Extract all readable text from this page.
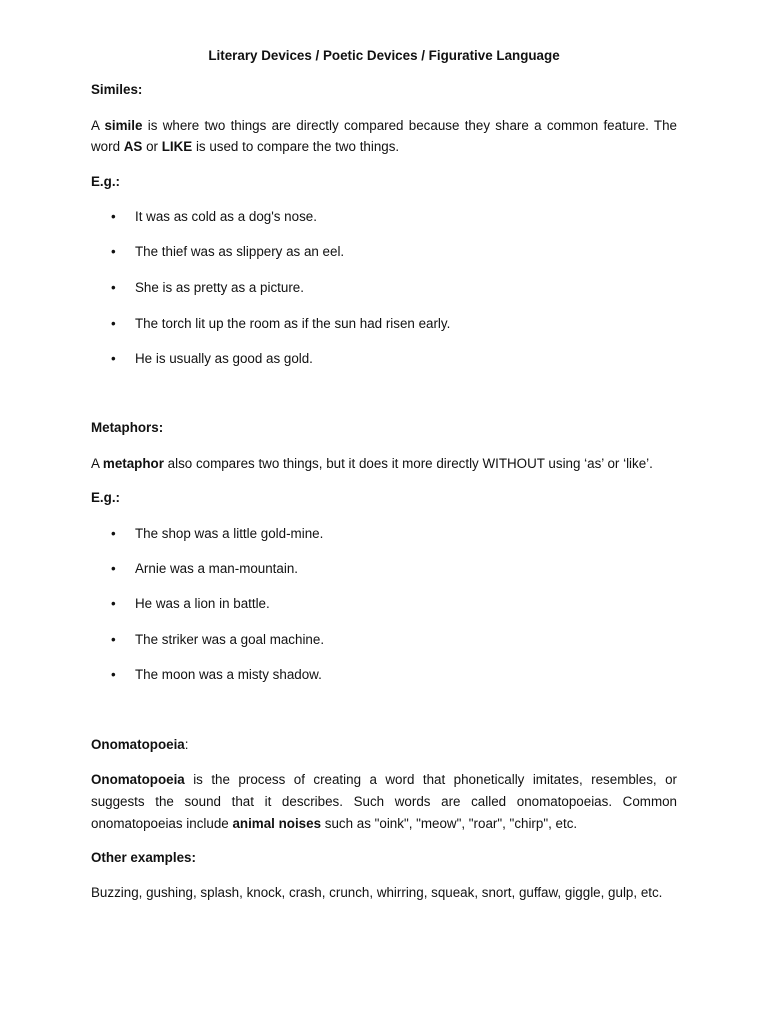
Literary Devices / Poetic Devices / Figurative Language
Similes:
A simile is where two things are directly compared because they share a common feature. The
word AS or LIKE is used to compare the two things.
E.g.:
•	It was as cold as a dog's nose.
•	The thief was as slippery as an eel.
•	She is as pretty as a picture.
•	The torch lit up the room as if the sun had risen early.
•	He is usually as good as gold.
Metaphors:
A metaphor also compares two things, but it does it more directly WITHOUT using ‘as’ or ‘like’.
E.g.:
•	The shop was a little gold-mine.
•	Arnie was a man-mountain.
•	He was a lion in battle.
•	The striker was a goal machine.
•	The moon was a misty shadow.
Onomatopoeia:
Onomatopoeia is the process of creating a word that phonetically imitates, resembles, or
suggests the sound that it describes. Such words are called onomatopoeias. Common
onomatopoeias include animal noises such as "oink", "meow", "roar", "chirp", etc.
Other examples:
Buzzing, gushing, splash, knock, crash, crunch, whirring, squeak, snort, guffaw, giggle, gulp, etc.
